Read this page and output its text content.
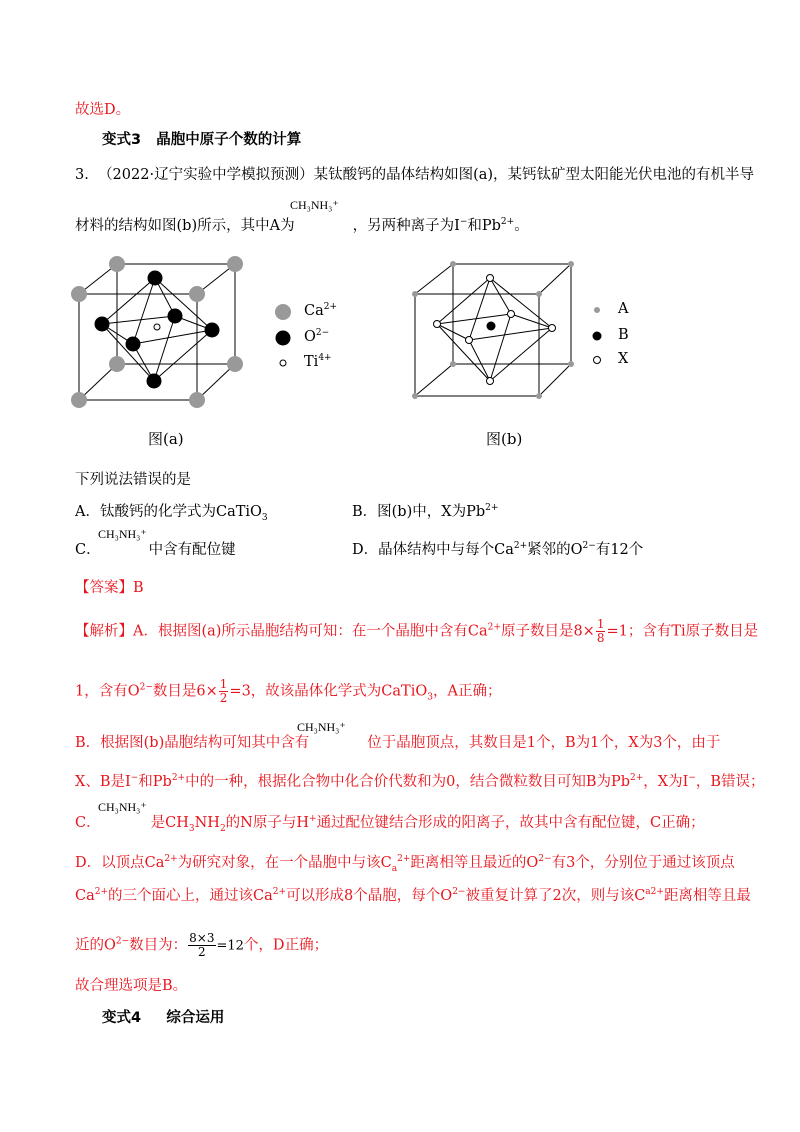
故选D。
变式3 晶胞中原子个数的计算
3. （2022·辽宁实验中学模拟预测）某钛酸钙的晶体结构如图(a)，某钙钛矿型太阳能光伏电池的有机半导
CH₃NH₃⁺
材料的结构如图(b)所示，其中A为	，另两种离子为I−和$Pb^{2+}$。
$Ca^{2+}$
$O^{2-}$
$Ti^{4+}$
图(a)
A
B
X
图(b)
下列说法错误的是
A．钛酸钙的化学式为CaTiO$_3$	B．图(b)中，X为$Pb^{2+}$
CH₃NH₃⁺
C．	中含有配位键	D．晶体结构中与每个$Ca^{2+}$紧邻的$O^{2-}$有12个
【答案】B
【解析】A．根据图(a)所示晶胞结构可知：在一个晶胞中含有$Ca^{2+}$原子数目是$8\times \frac{1}{8} =1$；含有Ti原子数目是
1，含有$O^{2-}$数目是$6\times \frac{1}{2} =3$，故该晶体化学式为CaTiO$_3$，A正确；
CH₃NH₃⁺
B．根据图(b)晶胞结构可知其中含有	位于晶胞顶点，其数目是1个，B为1个，X为3个，由于
X、B是I−和$Pb^{2+}$中的一种，根据化合物中化合价代数和为0，结合微粒数目可知B为$Pb^{2+}$，X为I−，B错误；
CH₃NH₃⁺
C．	是$CH_3NH_2$的N原子与H+通过配位键结合形成的阳离子，故其中含有配位键，C正确；
D．以顶点$Ca^{2+}$为研究对象，在一个晶胞中与该$C_a^{2+}$距离相等且最近的$O^{2-}$有3个，分别位于通过该顶点
$Ca^{2+}$的三个面心上，通过该$Ca^{2+}$可以形成8个晶胞，每个$O^{2-}$被重复计算了2次，则与该$C^{a2+}$距离相等且最
近的$O^{2-}$数目为： $\frac{8\times 3}{2} =12$个，D正确；
故合理选项是B。
变式4 综合运用
